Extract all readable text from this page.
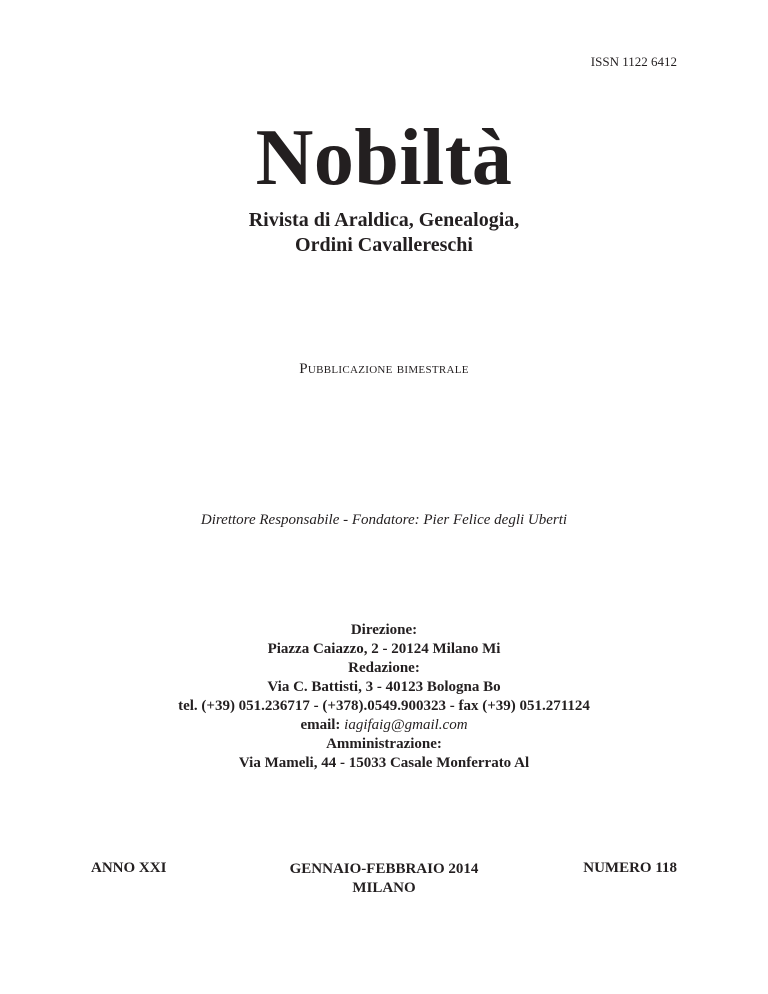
ISSN 1122 6412
Nobiltà
Rivista di Araldica, Genealogia,
Ordini Cavallereschi
Pubblicazione bimestrale
Direttore Responsabile - Fondatore: Pier Felice degli Uberti
Direzione:
Piazza Caiazzo, 2 - 20124 Milano Mi
Redazione:
Via C. Battisti, 3 - 40123 Bologna Bo
tel. (+39) 051.236717 - (+378).0549.900323 - fax (+39) 051.271124
email: iagifaig@gmail.com
Amministrazione:
Via Mameli, 44 - 15033 Casale Monferrato Al
ANNO XXI	GENNAIO-FEBBRAIO 2014
MILANO
NUMERO 118
